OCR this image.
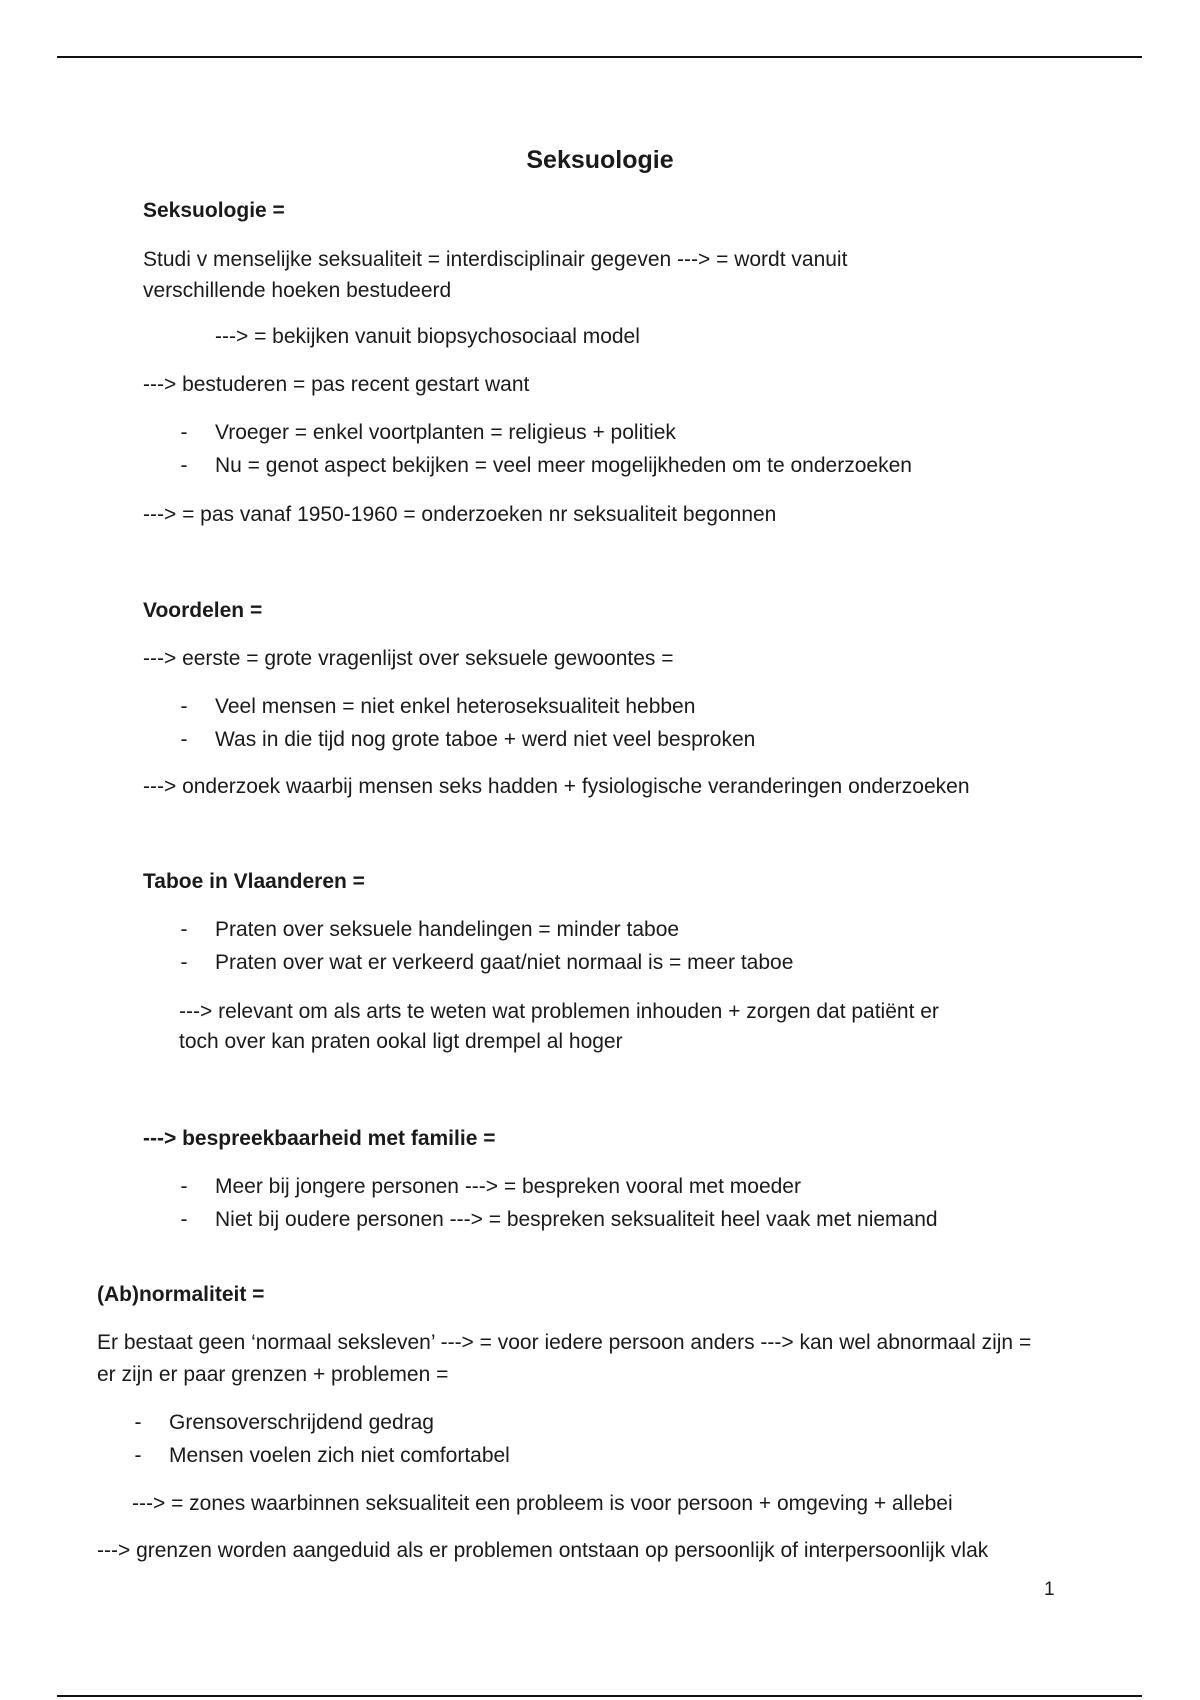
Seksuologie
Seksuologie =
Studi v menselijke seksualiteit = interdisciplinair gegeven ---> = wordt vanuit
verschillende hoeken bestudeerd
---> = bekijken vanuit biopsychosociaal model
---> bestuderen = pas recent gestart want
- Vroeger = enkel voortplanten = religieus + politiek
- Nu = genot aspect bekijken = veel meer mogelijkheden om te onderzoeken
---> = pas vanaf 1950-1960 = onderzoeken nr seksualiteit begonnen
Voordelen =
---> eerste = grote vragenlijst over seksuele gewoontes =
- Veel mensen = niet enkel heteroseksualiteit hebben
- Was in die tijd nog grote taboe + werd niet veel besproken
---> onderzoek waarbij mensen seks hadden + fysiologische veranderingen onderzoeken
Taboe in Vlaanderen =
- Praten over seksuele handelingen = minder taboe
- Praten over wat er verkeerd gaat/niet normaal is = meer taboe
---> relevant om als arts te weten wat problemen inhouden + zorgen dat patiënt er
toch over kan praten ookal ligt drempel al hoger
---> bespreekbaarheid met familie =
- Meer bij jongere personen ---> = bespreken vooral met moeder
- Niet bij oudere personen ---> = bespreken seksualiteit heel vaak met niemand
(Ab)normaliteit =
Er bestaat geen ‘normaal seksleven’ ---> = voor iedere persoon anders ---> kan wel abnormaal zijn =
er zijn er paar grenzen + problemen =
- Grensoverschrijdend gedrag
- Mensen voelen zich niet comfortabel
---> = zones waarbinnen seksualiteit een probleem is voor persoon + omgeving + allebei
---> grenzen worden aangeduid als er problemen ontstaan op persoonlijk of interpersoonlijk vlak
1
